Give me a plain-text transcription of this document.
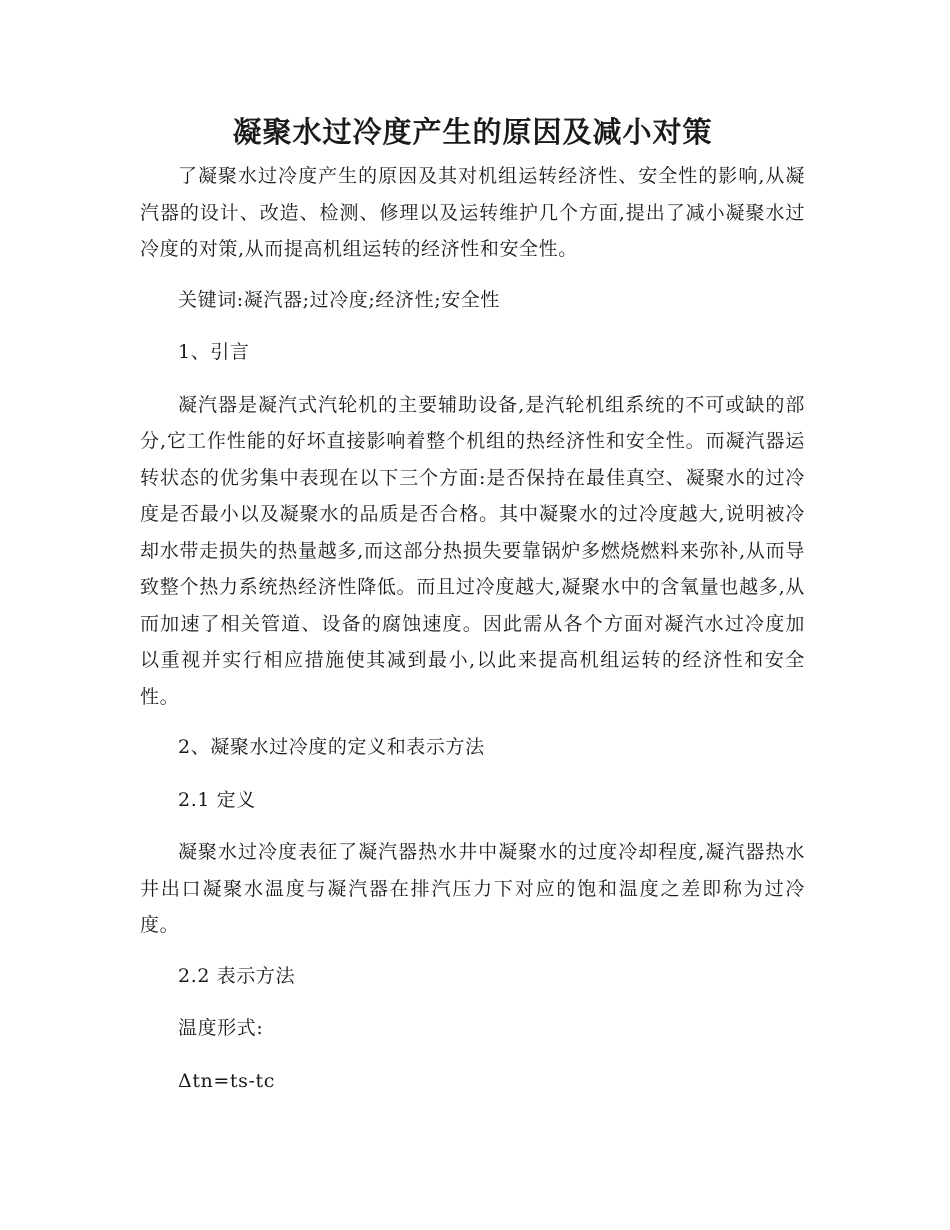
凝聚水过冷度产生的原因及减小对策

了凝聚水过冷度产生的原因及其对机组运转经济性、安全性的影响,从凝汽器的设计、改造、检测、修理以及运转维护几个方面,提出了减小凝聚水过冷度的对策,从而提高机组运转的经济性和安全性。

关键词:凝汽器;过冷度;经济性;安全性

1、引言

凝汽器是凝汽式汽轮机的主要辅助设备,是汽轮机组系统的不可或缺的部分,它工作性能的好坏直接影响着整个机组的热经济性和安全性。而凝汽器运转状态的优劣集中表现在以下三个方面:是否保持在最佳真空、凝聚水的过冷度是否最小以及凝聚水的品质是否合格。其中凝聚水的过冷度越大,说明被冷却水带走损失的热量越多,而这部分热损失要靠锅炉多燃烧燃料来弥补,从而导致整个热力系统热经济性降低。而且过冷度越大,凝聚水中的含氧量也越多,从而加速了相关管道、设备的腐蚀速度。因此需从各个方面对凝汽水过冷度加以重视并实行相应措施使其减到最小,以此来提高机组运转的经济性和安全性。

2、凝聚水过冷度的定义和表示方法

2.1 定义

凝聚水过冷度表征了凝汽器热水井中凝聚水的过度冷却程度,凝汽器热水井出口凝聚水温度与凝汽器在排汽压力下对应的饱和温度之差即称为过冷度。

2.2 表示方法

温度形式:

Δtn=ts-tc
